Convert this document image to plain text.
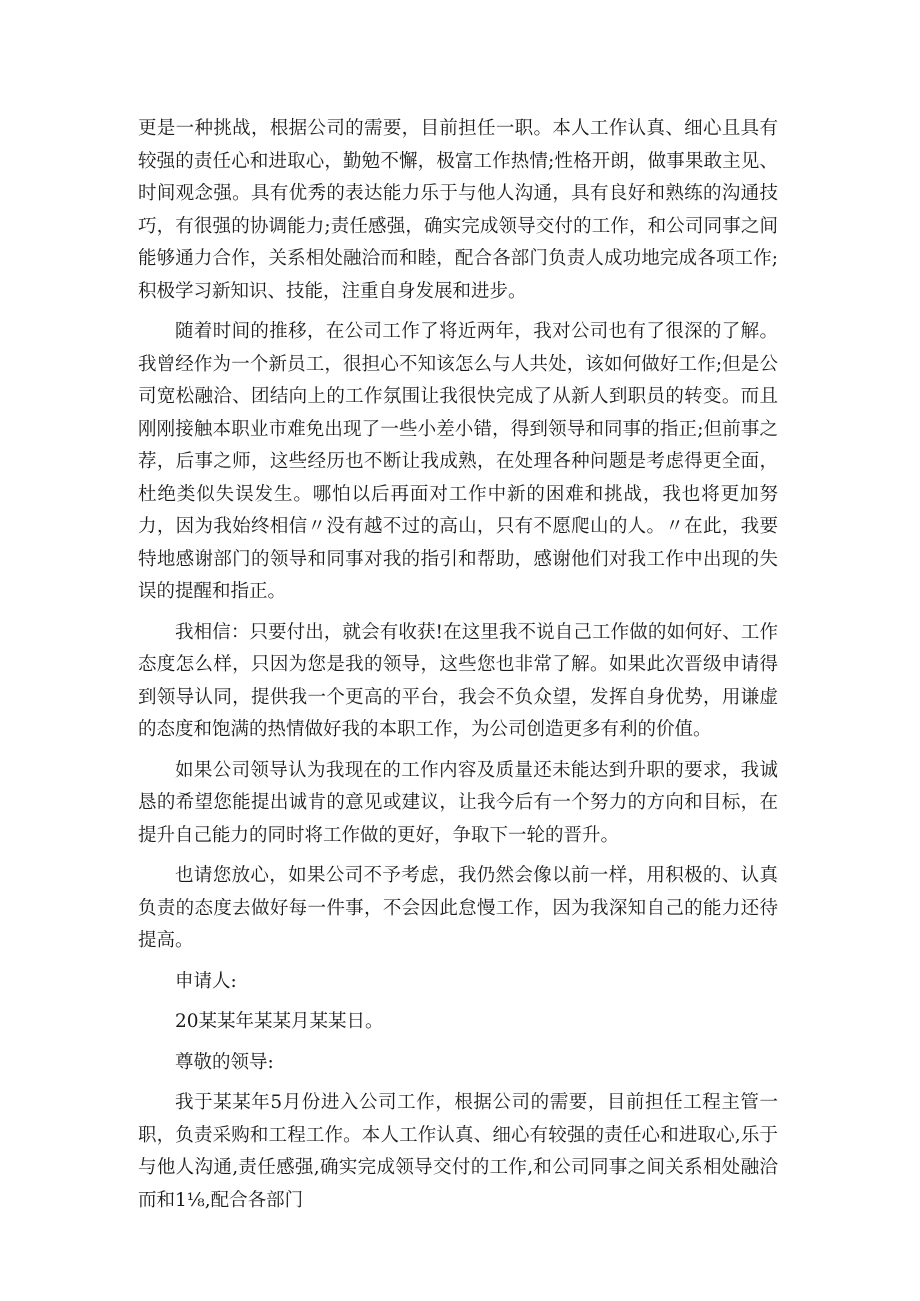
更是一种挑战，根据公司的需要，目前担任一职。本人工作认真、细心且具有较强的责任心和进取心，勤勉不懈，极富工作热情;性格开朗，做事果敢主见、时间观念强。具有优秀的表达能力乐于与他人沟通，具有良好和熟练的沟通技巧，有很强的协调能力;责任感强，确实完成领导交付的工作，和公司同事之间能够通力合作，关系相处融洽而和睦，配合各部门负责人成功地完成各项工作;积极学习新知识、技能，注重自身发展和进步。

随着时间的推移，在公司工作了将近两年，我对公司也有了很深的了解。我曾经作为一个新员工，很担心不知该怎么与人共处，该如何做好工作;但是公司宽松融洽、团结向上的工作氛围让我很快完成了从新人到职员的转变。而且刚刚接触本职业市难免出现了一些小差小错，得到领导和同事的指正;但前事之荐，后事之师，这些经历也不断让我成熟，在处理各种问题是考虑得更全面，杜绝类似失误发生。哪怕以后再面对工作中新的困难和挑战，我也将更加努力，因为我始终相信〃没有越不过的高山，只有不愿爬山的人。〃在此，我要特地感谢部门的领导和同事对我的指引和帮助，感谢他们对我工作中出现的失误的提醒和指正。

我相信：只要付出，就会有收获!在这里我不说自己工作做的如何好、工作态度怎么样，只因为您是我的领导，这些您也非常了解。如果此次晋级申请得到领导认同，提供我一个更高的平台，我会不负众望，发挥自身优势，用谦虚的态度和饱满的热情做好我的本职工作，为公司创造更多有利的价值。

如果公司领导认为我现在的工作内容及质量还未能达到升职的要求，我诚恳的希望您能提出诚肯的意见或建议，让我今后有一个努力的方向和目标，在提升自己能力的同时将工作做的更好，争取下一轮的晋升。

也请您放心，如果公司不予考虑，我仍然会像以前一样，用积极的、认真负责的态度去做好每一件事，不会因此怠慢工作，因为我深知自己的能力还待提高。

申请人:

20某某年某某月某某日。

尊敬的领导:

我于某某年5月份进入公司工作，根据公司的需要，目前担任工程主管一职，负责采购和工程工作。本人工作认真、细心有较强的责任心和进取心,乐于与他人沟通,责任感强,确实完成领导交付的工作,和公司同事之间关系相处融洽而和1⅛,配合各部门
